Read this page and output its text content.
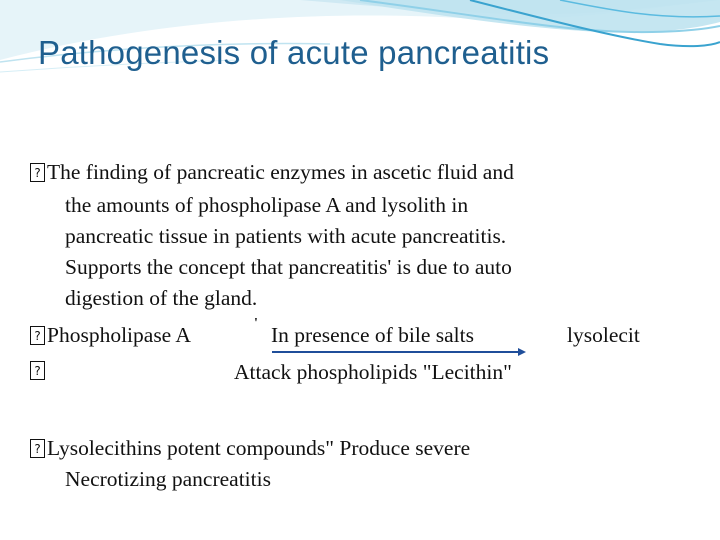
Pathogenesis of acute pancreatitis
? The finding of pancreatic enzymes in ascetic fluid and
the amounts of phospholipase A and lysolith in
pancreatic tissue in patients with acute pancreatitis.
Supports the concept that pancreatitis' is due to auto
digestion of the gland.
? Phospholipase A	' In presence of bile salts	lysolecit
?	Attack phospholipids "Lecithin"
? Lysolecithins potent compounds" Produce severe
Necrotizing pancreatitis
